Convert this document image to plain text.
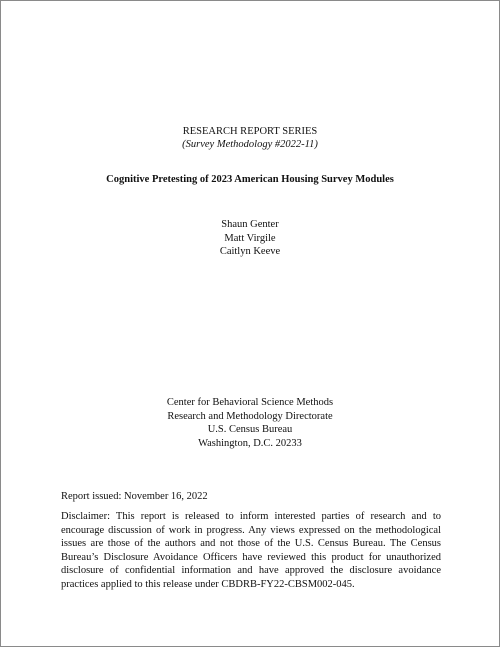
RESEARCH REPORT SERIES
(Survey Methodology #2022-11)
Cognitive Pretesting of 2023 American Housing Survey Modules
Shaun Genter
Matt Virgile
Caitlyn Keeve
Center for Behavioral Science Methods
Research and Methodology Directorate
U.S. Census Bureau
Washington, D.C. 20233
Report issued: November 16, 2022
Disclaimer: This report is released to inform interested parties of research and to encourage discussion of work in progress. Any views expressed on the methodological issues are those of the authors and not those of the U.S. Census Bureau. The Census Bureau’s Disclosure Avoidance Officers have reviewed this product for unauthorized disclosure of confidential information and have approved the disclosure avoidance practices applied to this release under CBDRB-FY22-CBSM002-045.
